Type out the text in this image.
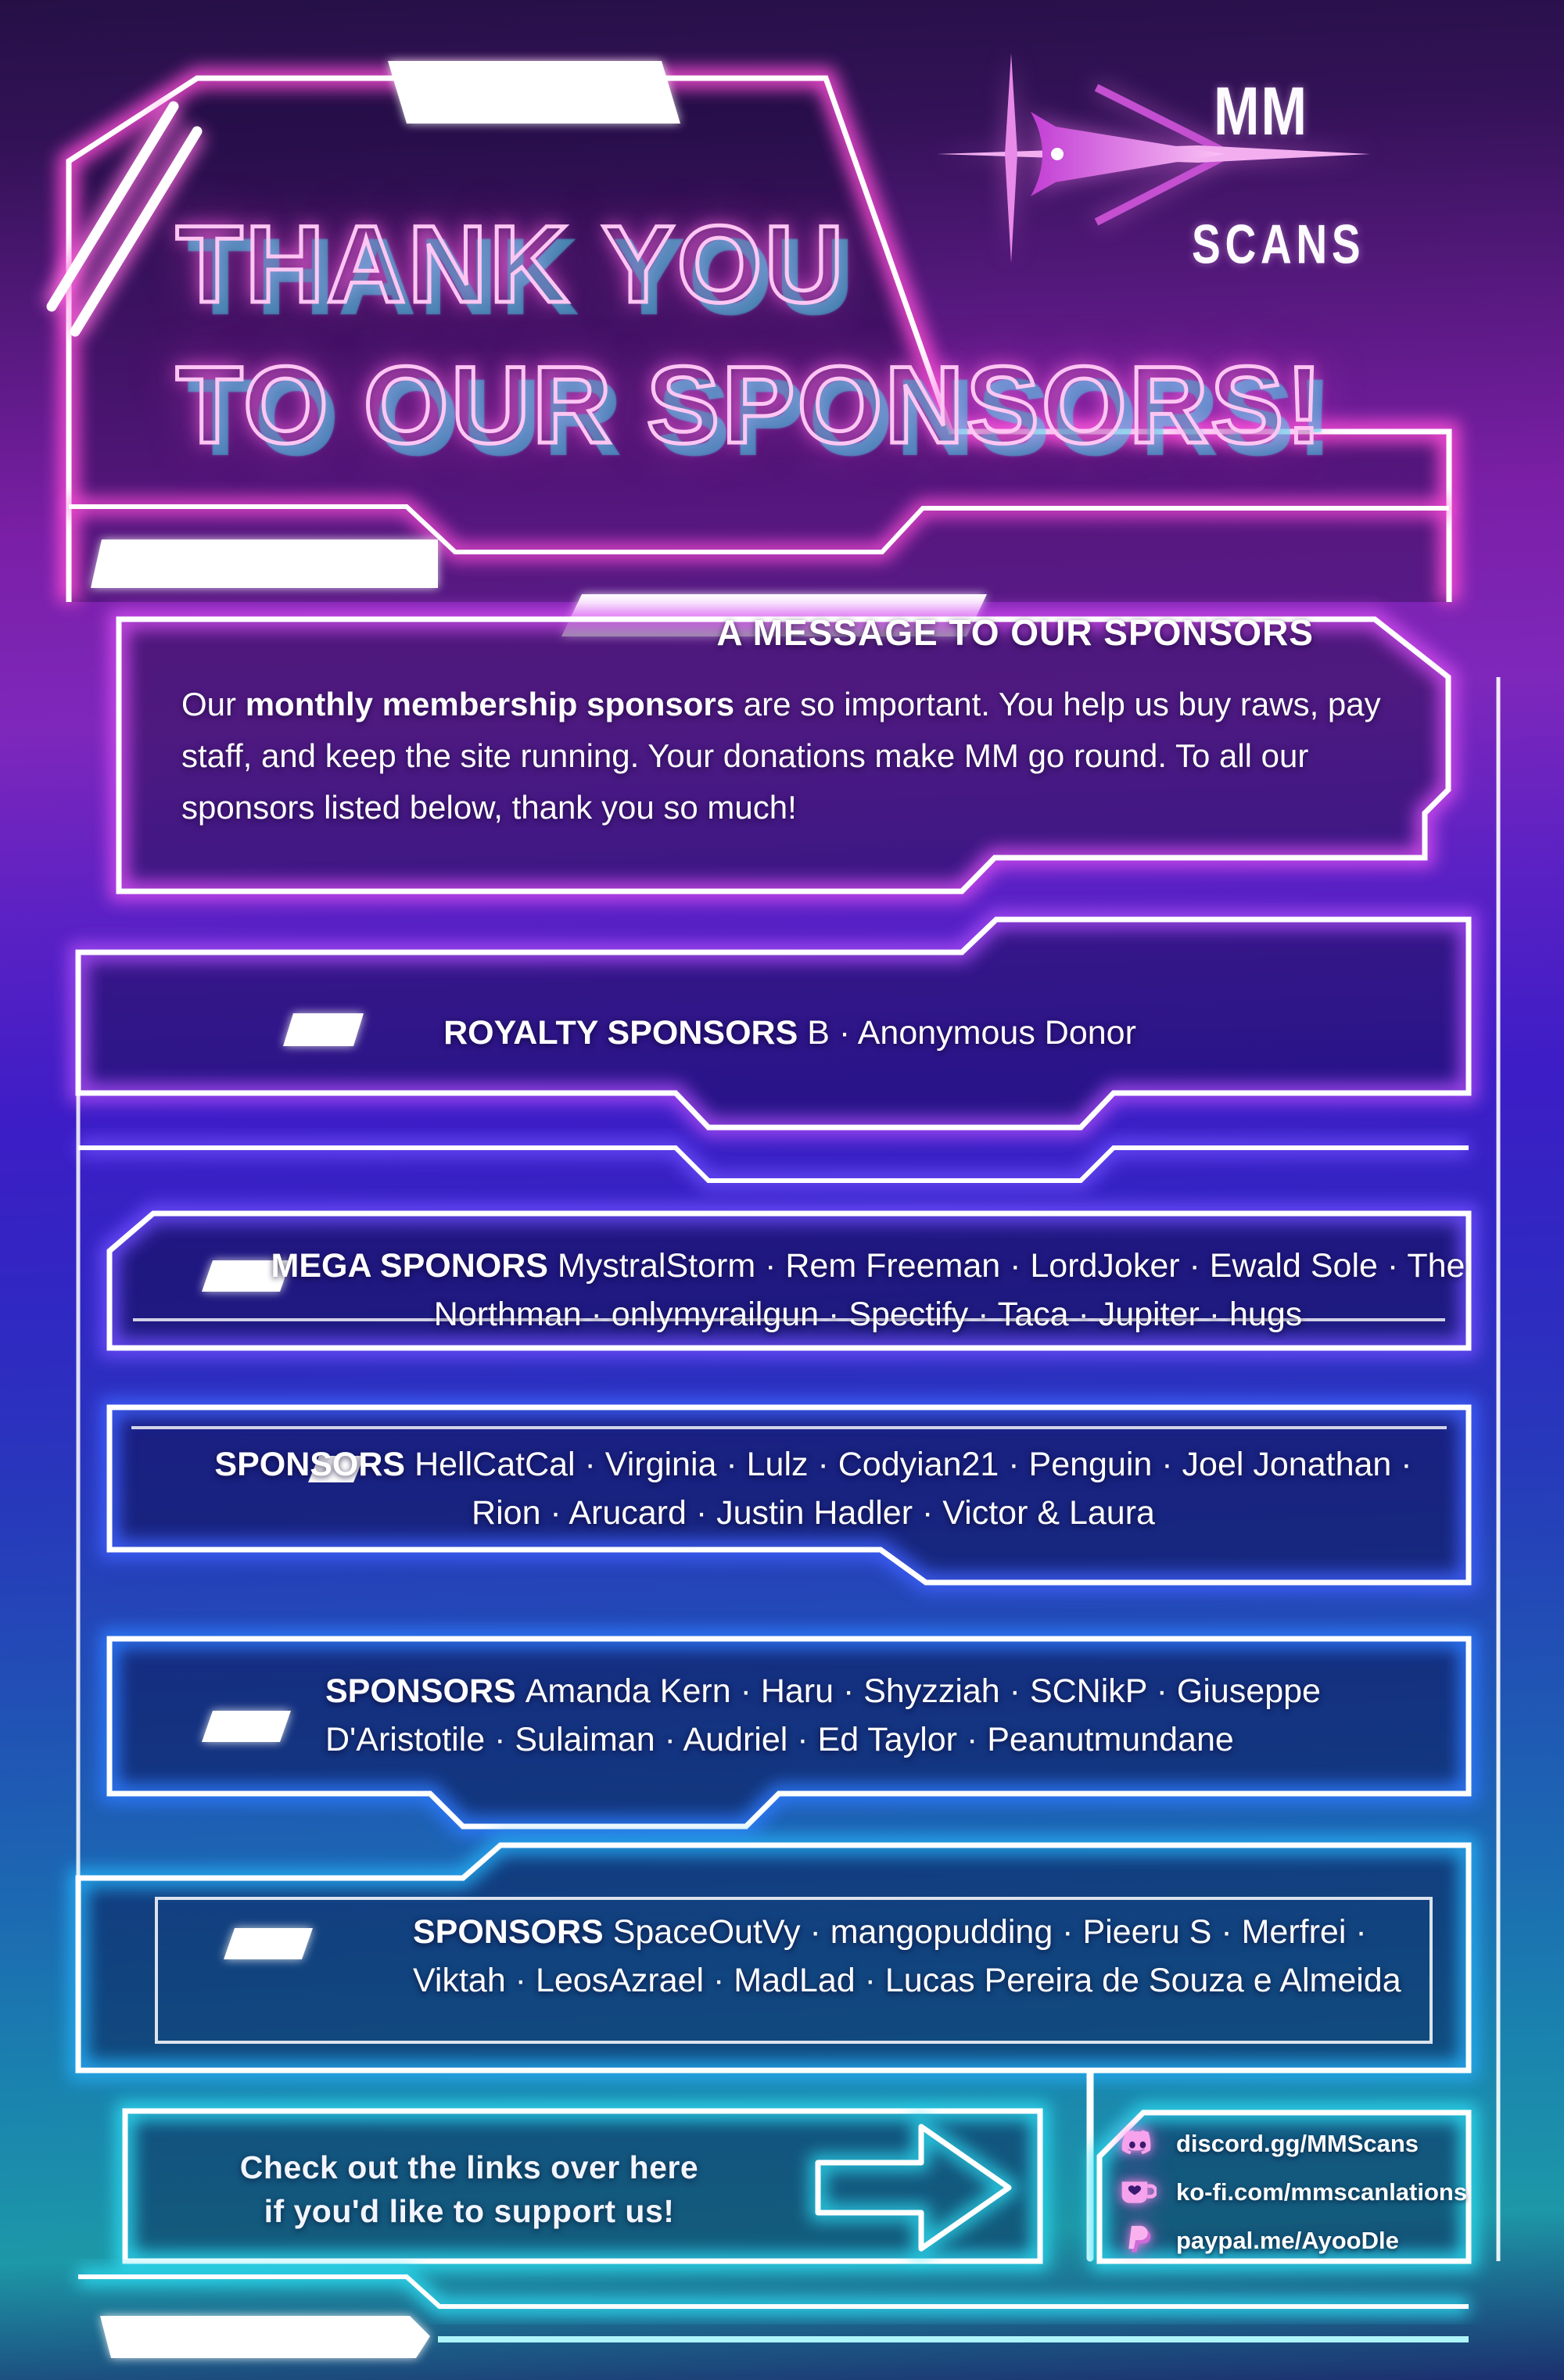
MM
SCANS
THANK YOU
TO OUR SPONSORS!
A MESSAGE TO OUR SPONSORS
Our monthly membership sponsors are so important. You help us buy raws, pay staff, and keep the site running. Your donations make MM go round. To all our sponsors listed below, thank you so much!

ROYALTY SPONSORS B · Anonymous Donor

MEGA SPONORS MystralStorm · Rem Freeman · LordJoker · Ewald Sole · The Northman · onlymyrailgun · Spectify · Taca · Jupiter · hugs

SPONSORS HellCatCal · Virginia · Lulz · Codyian21 · Penguin · Joel Jonathan · Rion · Arucard · Justin Hadler · Victor & Laura

SPONSORS Amanda Kern · Haru · Shyzziah · SCNikP · Giuseppe D'Aristotile · Sulaiman · Audriel · Ed Taylor · Peanutmundane

SPONSORS SpaceOutVy · mangopudding · Pieeru S · Merfrei · Viktah · LeosAzrael · MadLad · Lucas Pereira de Souza e Almeida

Check out the links over here
if you'd like to support us!
discord.gg/MMScans
ko-fi.com/mmscanlations
paypal.me/AyooDle
